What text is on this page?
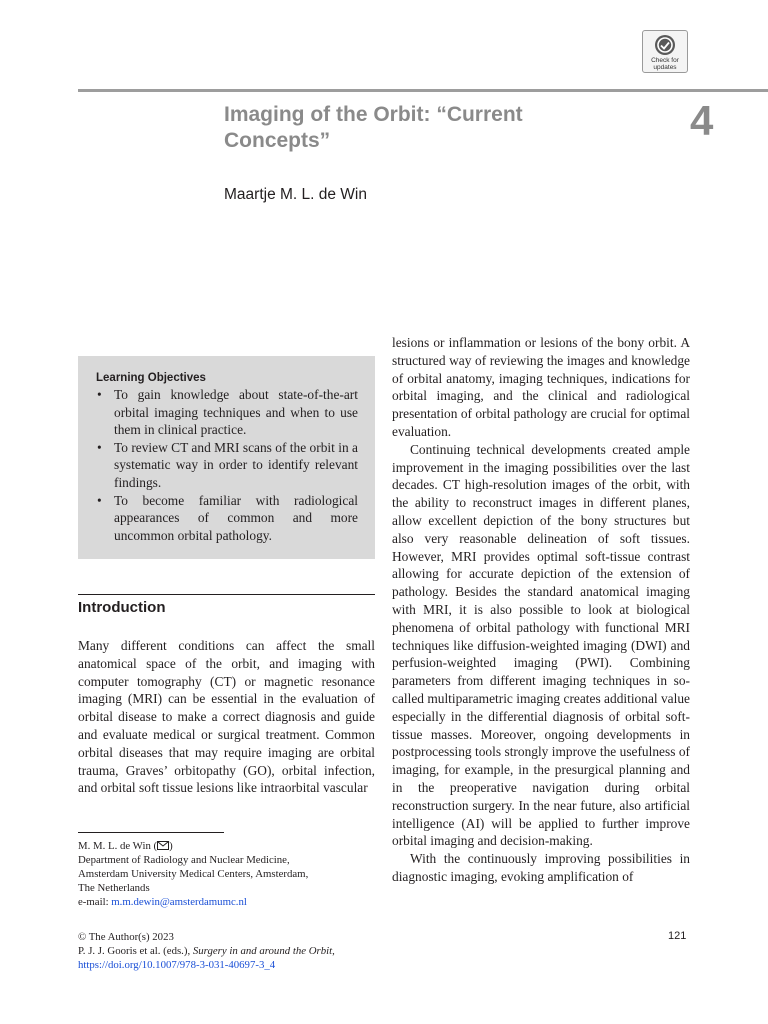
Check for
updates
Imaging of the Orbit: “Current Concepts”	4
Maartje M. L. de Win
Learning Objectives
• To gain knowledge about state-of-the-art orbital imaging techniques and when to use them in clinical practice.
• To review CT and MRI scans of the orbit in a systematic way in order to identify relevant findings.
• To become familiar with radiological appearances of common and more uncommon orbital pathology.
Introduction

Many different conditions can affect the small anatomical space of the orbit, and imaging with computer tomography (CT) or magnetic resonance imaging (MRI) can be essential in the evaluation of orbital disease to make a correct diagnosis and guide and evaluate medical or surgical treatment. Common orbital diseases that may require imaging are orbital trauma, Graves’ orbitopathy (GO), orbital infection, and orbital soft tissue lesions like intraorbital vascular

M. M. L. de Win ( )
Department of Radiology and Nuclear Medicine,
Amsterdam University Medical Centers, Amsterdam,
The Netherlands
e-mail: m.m.dewin@amsterdamumc.nl

lesions or inflammation or lesions of the bony orbit. A structured way of reviewing the images and knowledge of orbital anatomy, imaging techniques, indications for orbital imaging, and the clinical and radiological presentation of orbital pathology are crucial for optimal evaluation.

Continuing technical developments created ample improvement in the imaging possibilities over the last decades. CT high-resolution images of the orbit, with the ability to reconstruct images in different planes, allow excellent depiction of the bony structures but also very reasonable delineation of soft tissues. However, MRI provides optimal soft-tissue contrast allowing for accurate depiction of the extension of pathology. Besides the standard anatomical imaging with MRI, it is also possible to look at biological phenomena of orbital pathology with functional MRI techniques like diffusion-weighted imaging (DWI) and perfusion-weighted imaging (PWI). Combining parameters from different imaging techniques in so-called multiparametric imaging creates additional value especially in the differential diagnosis of orbital soft-tissue masses. Moreover, ongoing developments in postprocessing tools strongly improve the usefulness of imaging, for example, in the presurgical planning and in the preoperative navigation during orbital reconstruction surgery. In the near future, also artificial intelligence (AI) will be applied to further improve orbital imaging and decision-making.

With the continuously improving possibilities in diagnostic imaging, evoking amplification of

© The Author(s) 2023
P. J. J. Gooris et al. (eds.), Surgery in and around the Orbit,
https://doi.org/10.1007/978-3-031-40697-3_4
121
